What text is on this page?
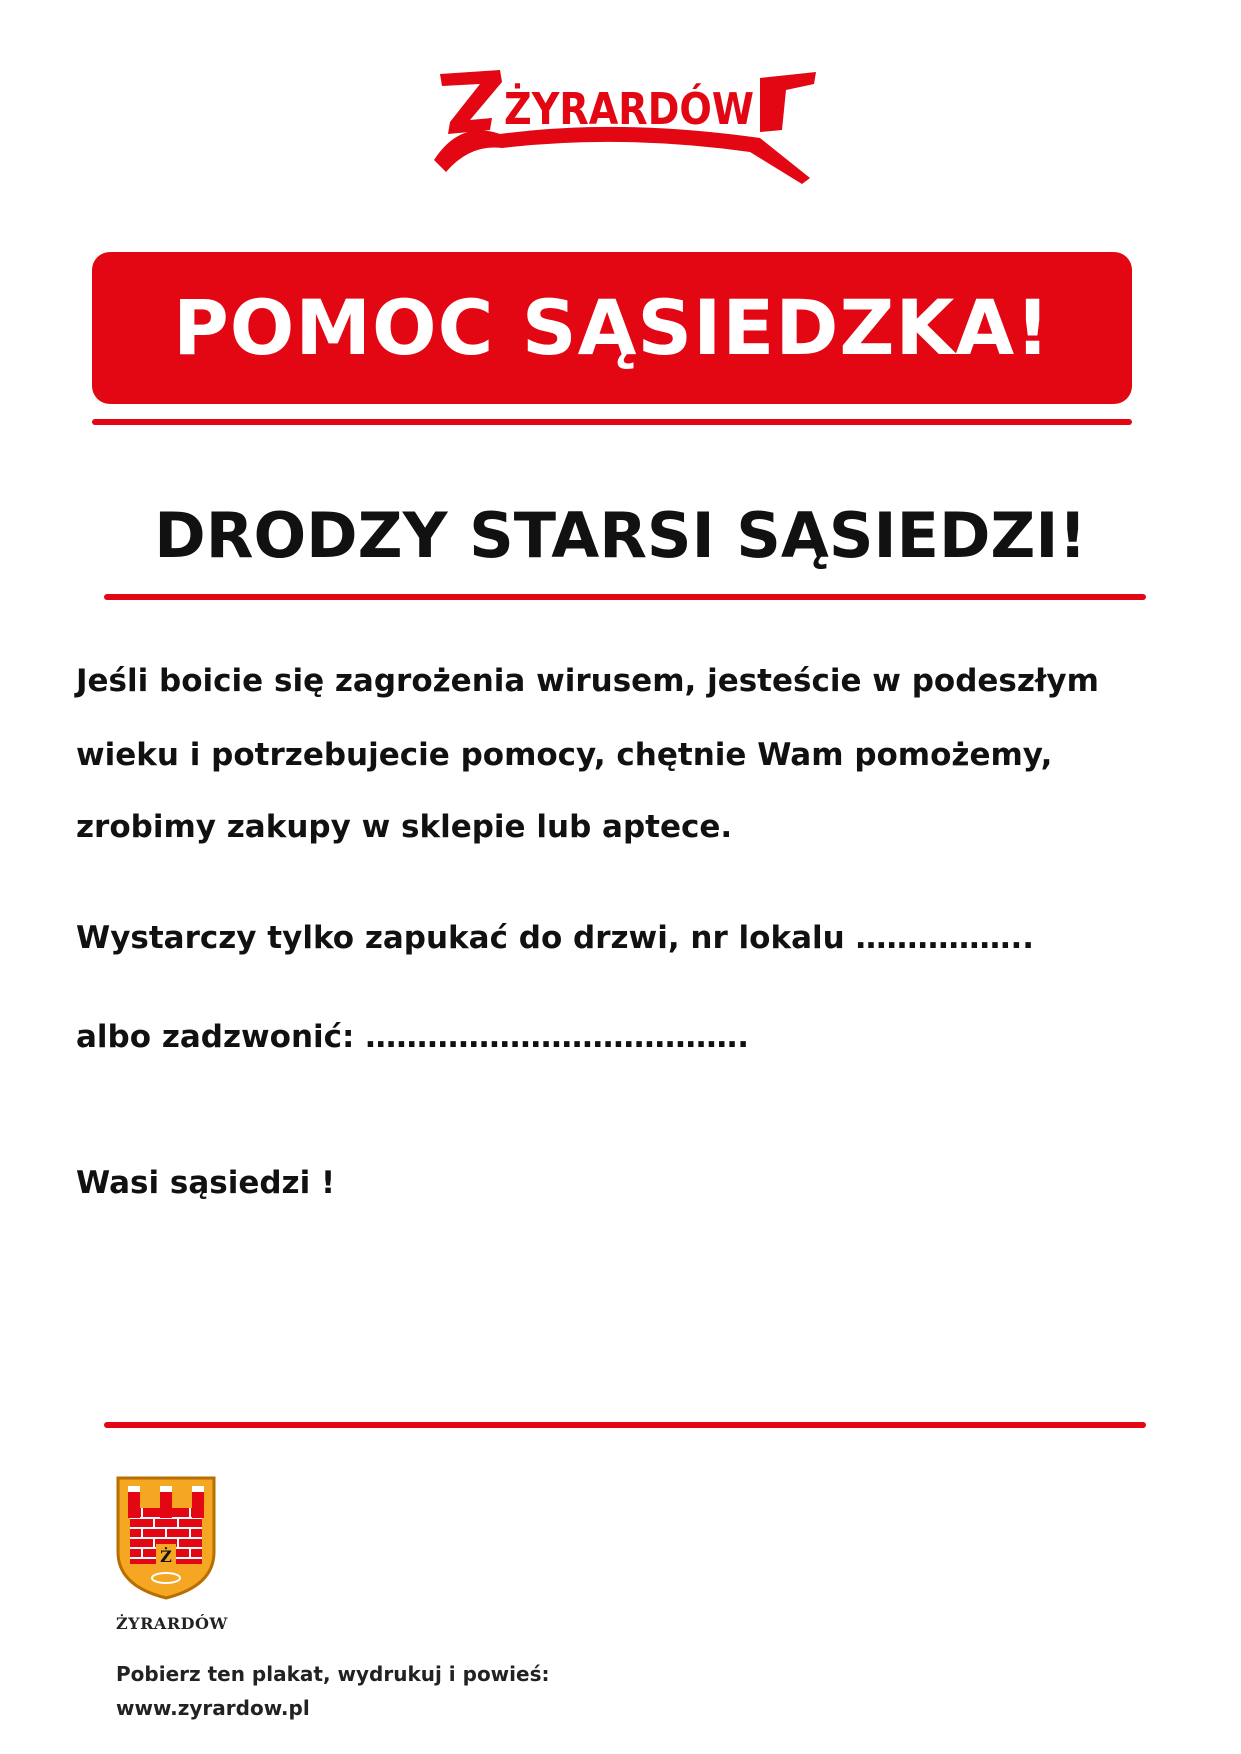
ŻYRARDÓW
POMOC SĄSIEDZKA!
DRODZY STARSI SĄSIEDZI!
Jeśli boicie się zagrożenia wirusem, jesteście w podeszłym
wieku i potrzebujecie pomocy, chętnie Wam pomożemy,
zrobimy zakupy w sklepie lub aptece.
Wystarczy tylko zapukać do drzwi, nr lokalu ……………..
albo zadzwonić: ……………………………….
Wasi sąsiedzi !
Ż
ŻYRARDÓW
Pobierz ten plakat, wydrukuj i powieś:
www.zyrardow.pl
